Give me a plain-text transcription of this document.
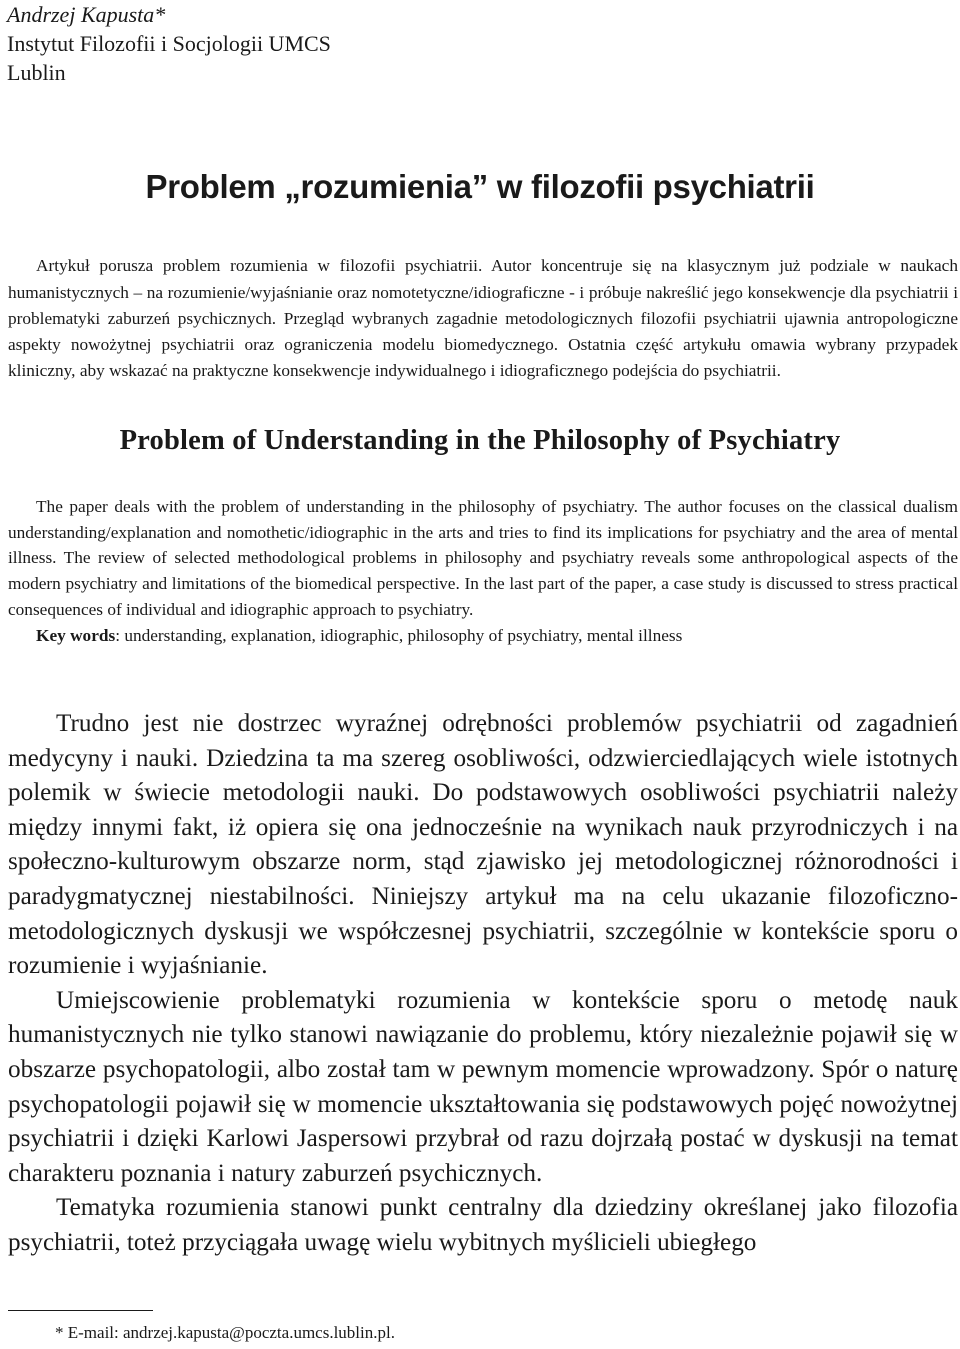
Andrzej Kapusta*
Instytut Filozofii i Socjologii UMCS
Lublin
Problem „rozumienia” w filozofii psychiatrii

Artykuł porusza problem rozumienia w filozofii psychiatrii. Autor koncentruje się na klasycznym już podziale w naukach humanistycznych – na rozumienie/wyjaśnianie oraz nomotetyczne/idiograficzne - i próbuje nakreślić jego konsekwencje dla psychiatrii i problematyki zaburzeń psychicznych. Przegląd wybranych zagadnie metodologicznych filozofii psychiatrii ujawnia antropologiczne aspekty nowożytnej psychiatrii oraz ograniczenia modelu biomedycznego. Ostatnia część artykułu omawia wybrany przypadek kliniczny, aby wskazać na praktyczne konsekwencje indywidualnego i idiograficznego podejścia do psychiatrii.

Problem of Understanding in the Philosophy of Psychiatry

The paper deals with the problem of understanding in the philosophy of psychiatry. The author focuses on the classical dualism understanding/explanation and nomothetic/idiographic in the arts and tries to find its implications for psychiatry and the area of mental illness. The review of selected methodological problems in philosophy and psychiatry reveals some anthropological aspects of the modern psychiatry and limitations of the biomedical perspective. In the last part of the paper, a case study is discussed to stress practical consequences of individual and idiographic approach to psychiatry.

Key words: understanding, explanation, idiographic, philosophy of psychiatry, mental illness

Trudno jest nie dostrzec wyraźnej odrębności problemów psychiatrii od zagadnień medycyny i nauki. Dziedzina ta ma szereg osobliwości, odzwierciedlających wiele istotnych polemik w świecie metodologii nauki. Do podstawowych osobliwości psychiatrii należy między innymi fakt, iż opiera się ona jednocześnie na wynikach nauk przyrodniczych i na społeczno-kulturowym obszarze norm, stąd zjawisko jej metodologicznej różnorodności i paradygmatycznej niestabilności. Niniejszy artykuł ma na celu ukazanie filozoficzno-metodologicznych dyskusji we współczesnej psychiatrii, szczególnie w kontekście sporu o rozumienie i wyjaśnianie.

Umiejscowienie problematyki rozumienia w kontekście sporu o metodę nauk humanistycznych nie tylko stanowi nawiązanie do problemu, który niezależnie pojawił się w obszarze psychopatologii, albo został tam w pewnym momencie wprowadzony. Spór o naturę psychopatologii pojawił się w momencie ukształtowania się podstawowych pojęć nowożytnej psychiatrii i dzięki Karlowi Jaspersowi przybrał od razu dojrzałą postać w dyskusji na temat charakteru poznania i natury zaburzeń psychicznych.

Tematyka rozumienia stanowi punkt centralny dla dziedziny określanej jako filozofia psychiatrii, toteż przyciągała uwagę wielu wybitnych myślicieli ubiegłego

* E-mail: andrzej.kapusta@poczta.umcs.lublin.pl.
